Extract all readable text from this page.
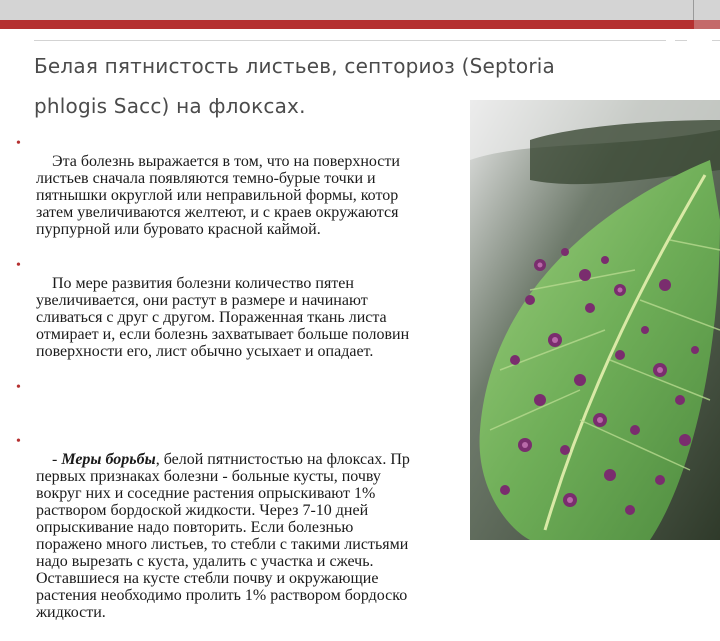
Белая пятнистость листьев, септориоз (Septoria phlogis Sacc) на флоксах.

•
Эта болезнь выражается в том, что на поверхности
листьев сначала появляются темно-бурые точки и
пятнышки округлой или неправильной формы, котор
затем увеличиваются желтеют, и с краев окружаются
пурпурной или буровато красной каймой.

•
По мере развития болезни количество пятен
увеличивается, они растут в размере и начинают
сливаться с друг с другом. Пораженная ткань листа
отмирает и, если болезнь захватывает больше половин
поверхности его, лист обычно усыхает и опадает.

•

•
- Меры борьбы, белой пятнистостью на флоксах. Пр
первых признаках болезни - больные кусты, почву
вокруг них и соседние растения опрыскивают 1%
раствором бордоской жидкости. Через 7-10 дней
опрыскивание надо повторить. Если болезнью
поражено много листьев, то стебли с такими листьями
надо вырезать с куста, удалить с участка и сжечь.
Оставшиеся на кусте стебли почву и окружающие
растения необходимо пролить 1% раствором бордоско
жидкости.
